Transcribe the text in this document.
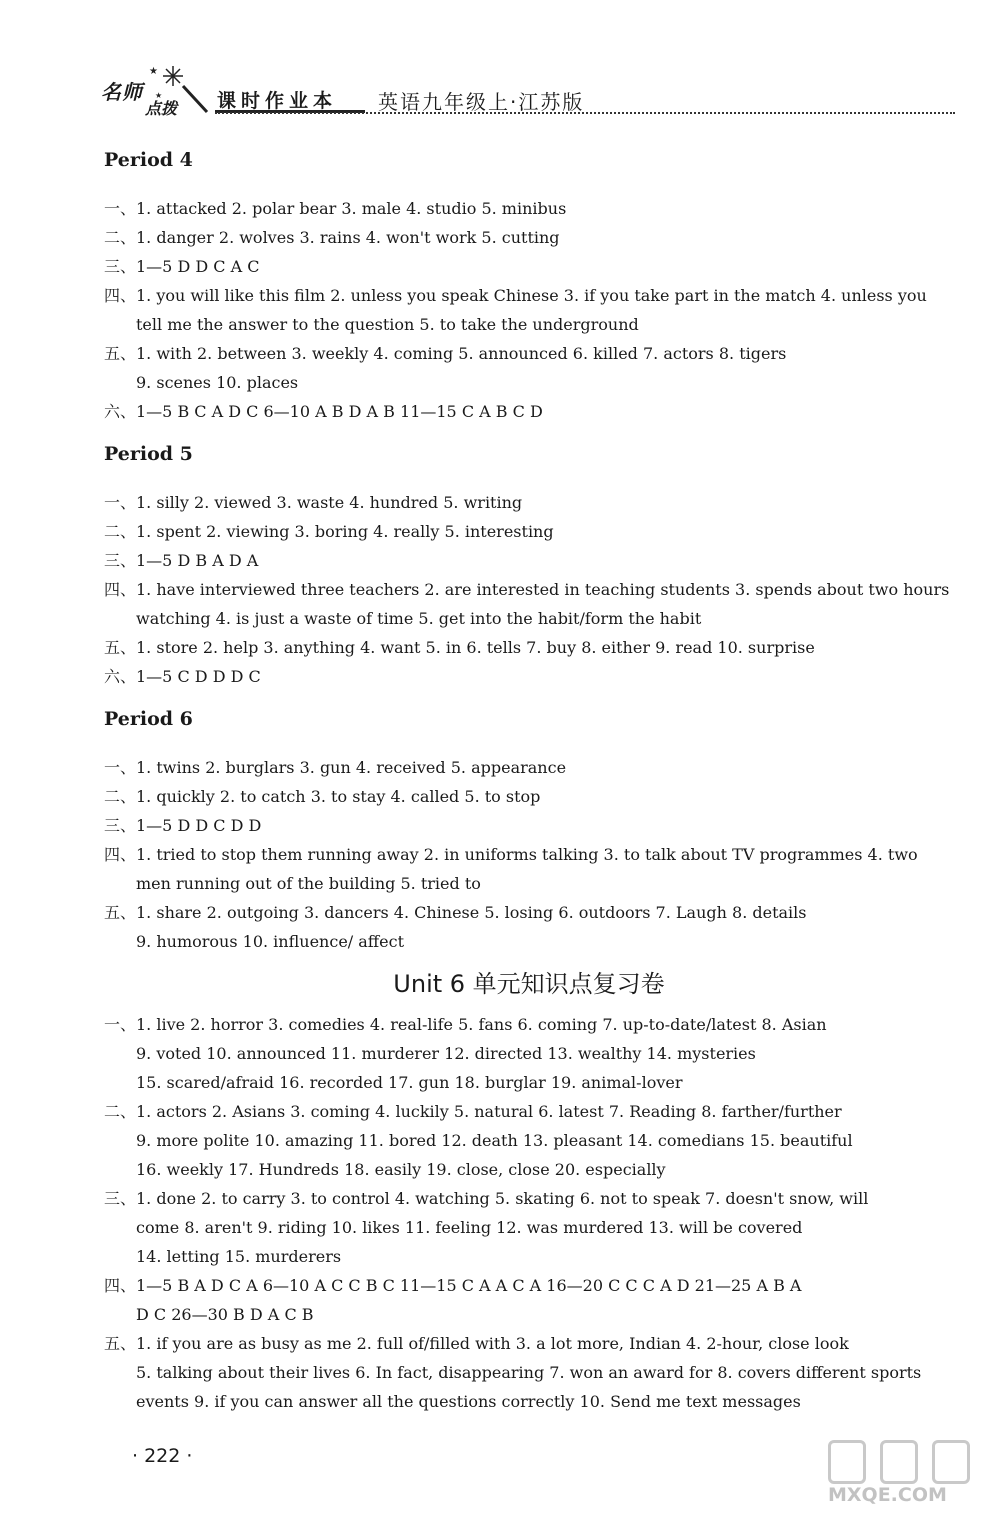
★
★
名师
点拨 课时作业本 英语九年级上·江苏版
Period 4
一、1. attacked 2. polar bear 3. male 4. studio 5. minibus
二、1. danger 2. wolves 3. rains 4. won't work 5. cutting
三、1—5 D D C A C
四、1. you will like this film 2. unless you speak Chinese 3. if you take part in the match 4. unless you
tell me the answer to the question 5. to take the underground
五、1. with 2. between 3. weekly 4. coming 5. announced 6. killed 7. actors 8. tigers
9. scenes 10. places
六、1—5 B C A D C 6—10 A B D A B 11—15 C A B C D
Period 5
一、1. silly 2. viewed 3. waste 4. hundred 5. writing
二、1. spent 2. viewing 3. boring 4. really 5. interesting
三、1—5 D B A D A
四、1. have interviewed three teachers 2. are interested in teaching students 3. spends about two hours
watching 4. is just a waste of time 5. get into the habit/form the habit
五、1. store 2. help 3. anything 4. want 5. in 6. tells 7. buy 8. either 9. read 10. surprise
六、1—5 C D D D C
Period 6
一、1. twins 2. burglars 3. gun 4. received 5. appearance
二、1. quickly 2. to catch 3. to stay 4. called 5. to stop
三、1—5 D D C D D
四、1. tried to stop them running away 2. in uniforms talking 3. to talk about TV programmes 4. two
men running out of the building 5. tried to
五、1. share 2. outgoing 3. dancers 4. Chinese 5. losing 6. outdoors 7. Laugh 8. details
9. humorous 10. influence/ affect
Unit 6 单元知识点复习卷
一、1. live 2. horror 3. comedies 4. real-life 5. fans 6. coming 7. up-to-date/latest 8. Asian
9. voted 10. announced 11. murderer 12. directed 13. wealthy 14. mysteries
15. scared/afraid 16. recorded 17. gun 18. burglar 19. animal-lover
二、1. actors 2. Asians 3. coming 4. luckily 5. natural 6. latest 7. Reading 8. farther/further
9. more polite 10. amazing 11. bored 12. death 13. pleasant 14. comedians 15. beautiful
16. weekly 17. Hundreds 18. easily 19. close, close 20. especially
三、1. done 2. to carry 3. to control 4. watching 5. skating 6. not to speak 7. doesn't snow, will
come 8. aren't 9. riding 10. likes 11. feeling 12. was murdered 13. will be covered
14. letting 15. murderers
四、1—5 B A D C A 6—10 A C C B C 11—15 C A A C A 16—20 C C C A D 21—25 A B A
D C 26—30 B D A C B
五、1. if you are as busy as me 2. full of/filled with 3. a lot more, Indian 4. 2-hour, close look
5. talking about their lives 6. In fact, disappearing 7. won an award for 8. covers different sports
events 9. if you can answer all the questions correctly 10. Send me text messages
· 222 ·
MXQE.COM
